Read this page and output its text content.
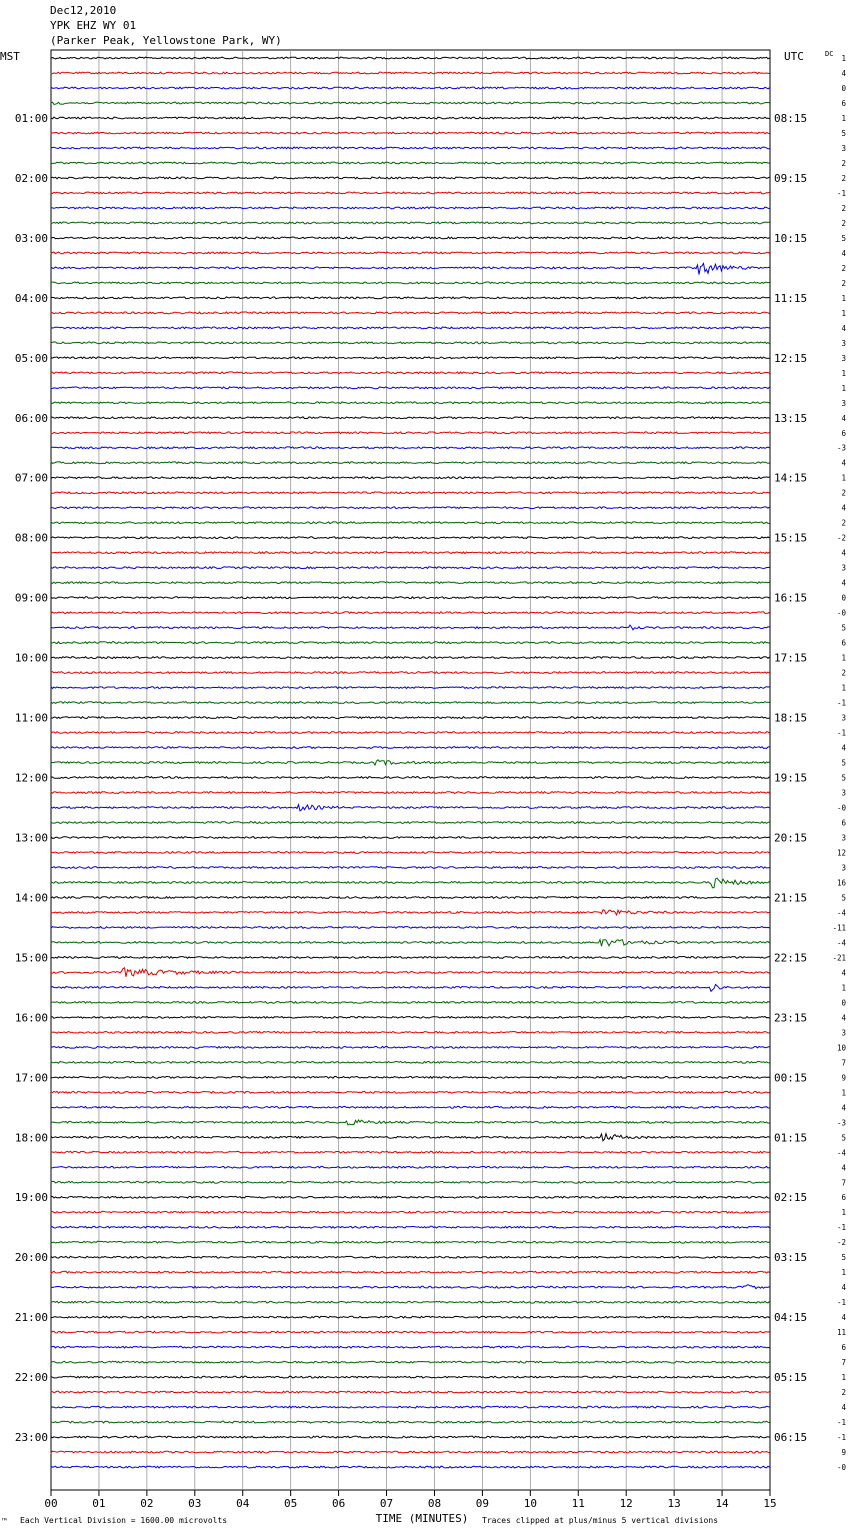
Dec12,2010
YPK EHZ WY 01
(Parker Peak, Yellowstone Park, WY)
01:00
02:00
03:00
04:00
05:00
06:00
07:00
08:00
09:00
10:00
11:00
12:00
13:00
14:00
15:00
16:00
17:00
18:00
19:00
20:00
21:00
22:00
23:00
08:15
09:15
10:15
11:15
12:15
13:15
14:15
15:15
16:15
17:15
18:15
19:15
20:15
21:15
22:15
23:15
00:15
01:15
02:15
03:15
04:15
05:15
06:15
MST	UTC	DC 1
4
0
6
1
5
3
2
2
-1
2
2
5
4
2
2
1
1
4
3
3
1
1
3
4
6
-3
4
1
2
4
2
-2
4
3
4
0
-0
5
6
1
2
1
-1
3
-1
4
5
5
3
-0
6
3
12
3
16
5
-4
-11
-4
-21
4
1
0
4
3
10
7
9
1
4
-3
5
-4
4
7
6
1
-1
-2
5
1
4
-1
4
11
6
7
1
2
4
-1
-1
9
-0
00	01	02	03	04	05	06	07	08	09	10	11	12	13	14	15
TIME (MINUTES)
™ Each Vertical Division = 1600.00 microvolts	Traces clipped at plus/minus 5 vertical divisions
